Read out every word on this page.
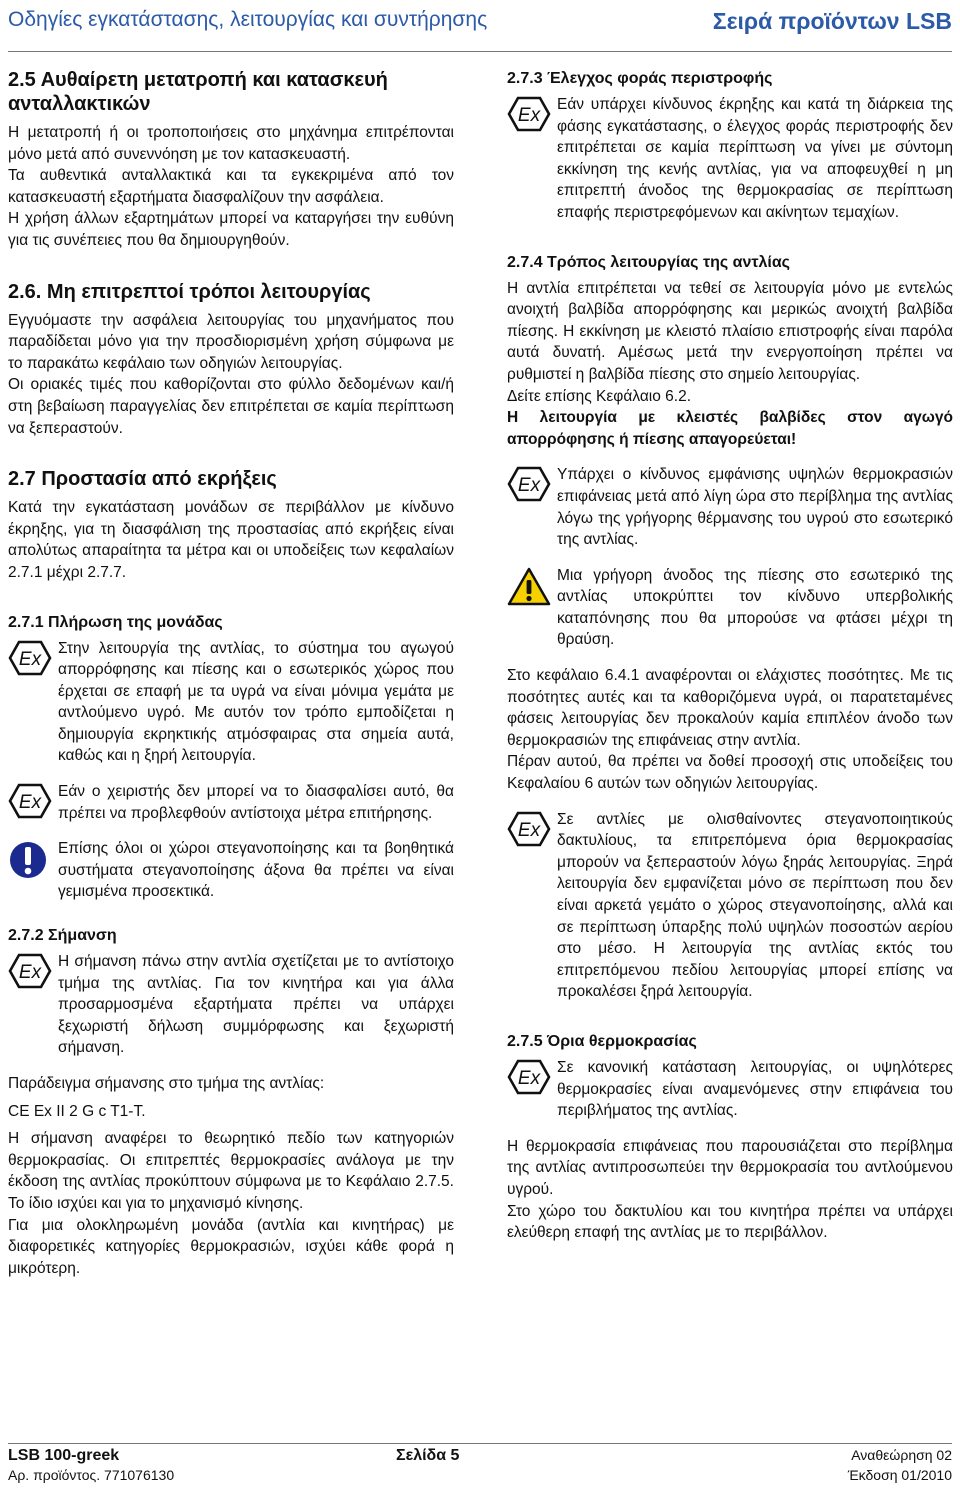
Οδηγίες εγκατάστασης, λειτουργίας και συντήρησης	Σειρά προϊόντων LSB
2.5 Αυθαίρετη μετατροπή και κατασκευή ανταλλακτικών

Η μετατροπή ή οι τροποποιήσεις στο μηχάνημα επιτρέπονται μόνο μετά από συνεννόηση με τον κατασκευαστή.

Τα αυθεντικά ανταλλακτικά και τα εγκεκριμένα από τον κατασκευαστή εξαρτήματα διασφαλίζουν την ασφάλεια.

Η χρήση άλλων εξαρτημάτων μπορεί να καταργήσει την ευθύνη για τις συνέπειες που θα δημιουργηθούν.

2.6. Μη επιτρεπτοί τρόποι λειτουργίας

Εγγυόμαστε την ασφάλεια λειτουργίας του μηχανήματος που παραδίδεται μόνο για την προσδιορισμένη χρήση σύμφωνα με το παρακάτω κεφάλαιο των οδηγιών λειτουργίας.

Οι οριακές τιμές που καθορίζονται στο φύλλο δεδομένων και/ή στη βεβαίωση παραγγελίας δεν επιτρέπεται σε καμία περίπτωση να ξεπεραστούν.

2.7 Προστασία από εκρήξεις

Κατά την εγκατάσταση μονάδων σε περιβάλλον με κίνδυνο έκρηξης, για τη διασφάλιση της προστασίας από εκρήξεις είναι απολύτως απαραίτητα τα μέτρα και οι υποδείξεις των κεφαλαίων 2.7.1 μέχρι 2.7.7.

2.7.1 Πλήρωση της μονάδας
Ex

Στην λειτουργία της αντλίας, το σύστημα του αγωγού απορρόφησης και πίεσης και ο εσωτερικός χώρος που έρχεται σε επαφή με τα υγρά να είναι μόνιμα γεμάτα με αντλούμενο υγρό. Με αυτόν τον τρόπο εμποδίζεται η δημιουργία εκρηκτικής ατμόσφαιρας στα σημεία αυτά, καθώς και η ξηρή λειτουργία.

Ex

Εάν ο χειριστής δεν μπορεί να το διασφαλίσει αυτό, θα πρέπει να προβλεφθούν αντίστοιχα μέτρα επιτήρησης.

Επίσης όλοι οι χώροι στεγανοποίησης και τα βοηθητικά συστήματα στεγανοποίησης άξονα θα πρέπει να είναι γεμισμένα προσεκτικά.

2.7.2 Σήμανση
Ex

Η σήμανση πάνω στην αντλία σχετίζεται με το αντίστοιχο τμήμα της αντλίας. Για τον κινητήρα και για άλλα προσαρμοσμένα εξαρτήματα πρέπει να υπάρχει ξεχωριστή δήλωση συμμόρφωσης και ξεχωριστή σήμανση.

Παράδειγμα σήμανσης στο τμήμα της αντλίας:

CE Ex II 2 G c T1-T.

Η σήμανση αναφέρει το θεωρητικό πεδίο των κατηγοριών θερμοκρασίας. Οι επιτρεπτές θερμοκρασίες ανάλογα με την έκδοση της αντλίας προκύπτουν σύμφωνα με το Κεφάλαιο 2.7.5. Το ίδιο ισχύει και για το μηχανισμό κίνησης.

Για μια ολοκληρωμένη μονάδα (αντλία και κινητήρας) με διαφορετικές κατηγορίες θερμοκρασιών, ισχύει κάθε φορά η μικρότερη.

2.7.3 Έλεγχος φοράς περιστροφής
Ex

Εάν υπάρχει κίνδυνος έκρηξης και κατά τη διάρκεια της φάσης εγκατάστασης, ο έλεγχος φοράς περιστροφής δεν επιτρέπεται σε καμία περίπτωση να γίνει με σύντομη εκκίνηση της κενής αντλίας, για να αποφευχθεί η μη επιτρεπτή άνοδος της θερμοκρασίας σε περίπτωση επαφής περιστρεφόμενων και ακίνητων τεμαχίων.

2.7.4 Τρόπος λειτουργίας της αντλίας

Η αντλία επιτρέπεται να τεθεί σε λειτουργία μόνο με εντελώς ανοιχτή βαλβίδα απορρόφησης και μερικώς ανοιχτή βαλβίδα πίεσης. Η εκκίνηση με κλειστό πλαίσιο επιστροφής είναι παρόλα αυτά δυνατή. Αμέσως μετά την ενεργοποίηση πρέπει να ρυθμιστεί η βαλβίδα πίεσης στο σημείο λειτουργίας.

Δείτε επίσης Κεφάλαιο 6.2.

Η λειτουργία με κλειστές βαλβίδες στον αγωγό απορρόφησης ή πίεσης απαγορεύεται!

Ex

Υπάρχει ο κίνδυνος εμφάνισης υψηλών θερμοκρασιών επιφάνειας μετά από λίγη ώρα στο περίβλημα της αντλίας λόγω της γρήγορης θέρμανσης του υγρού στο εσωτερικό της αντλίας.

Μια γρήγορη άνοδος της πίεσης στο εσωτερικό της αντλίας υποκρύπτει τον κίνδυνο υπερβολικής καταπόνησης που θα μπορούσε να φτάσει μέχρι τη θραύση.

Στο κεφάλαιο 6.4.1 αναφέρονται οι ελάχιστες ποσότητες. Με τις ποσότητες αυτές και τα καθοριζόμενα υγρά, οι παρατεταμένες φάσεις λειτουργίας δεν προκαλούν καμία επιπλέον άνοδο των θερμοκρασιών της επιφάνειας στην αντλία.

Πέραν αυτού, θα πρέπει να δοθεί προσοχή στις υποδείξεις του Κεφαλαίου 6 αυτών των οδηγιών λειτουργίας.

Ex

Σε αντλίες με ολισθαίνοντες στεγανοποιητικούς δακτυλίους, τα επιτρεπόμενα όρια θερμοκρασίας μπορούν να ξεπεραστούν λόγω ξηράς λειτουργίας. Ξηρά λειτουργία δεν εμφανίζεται μόνο σε περίπτωση που δεν είναι αρκετά γεμάτο ο χώρος στεγανοποίησης, αλλά και σε περίπτωση ύπαρξης πολύ υψηλών ποσοστών αερίου στο μέσο. Η λειτουργία της αντλίας εκτός του επιτρεπόμενου πεδίου λειτουργίας μπορεί επίσης να προκαλέσει ξηρά λειτουργία.

2.7.5 Όρια θερμοκρασίας
Ex

Σε κανονική κατάσταση λειτουργίας, οι υψηλότερες θερμοκρασίες είναι αναμενόμενες στην επιφάνεια του περιβλήματος της αντλίας.

Η θερμοκρασία επιφάνειας που παρουσιάζεται στο περίβλημα της αντλίας αντιπροσωπεύει την θερμοκρασία του αντλούμενου υγρού.

Στο χώρο του δακτυλίου και του κινητήρα πρέπει να υπάρχει ελεύθερη επαφή της αντλίας με το περιβάλλον.

LSB 100-greek
Αρ. προϊόντος. 771076130
Σελίδα 5	Αναθεώρηση 02
Έκδοση 01/2010
